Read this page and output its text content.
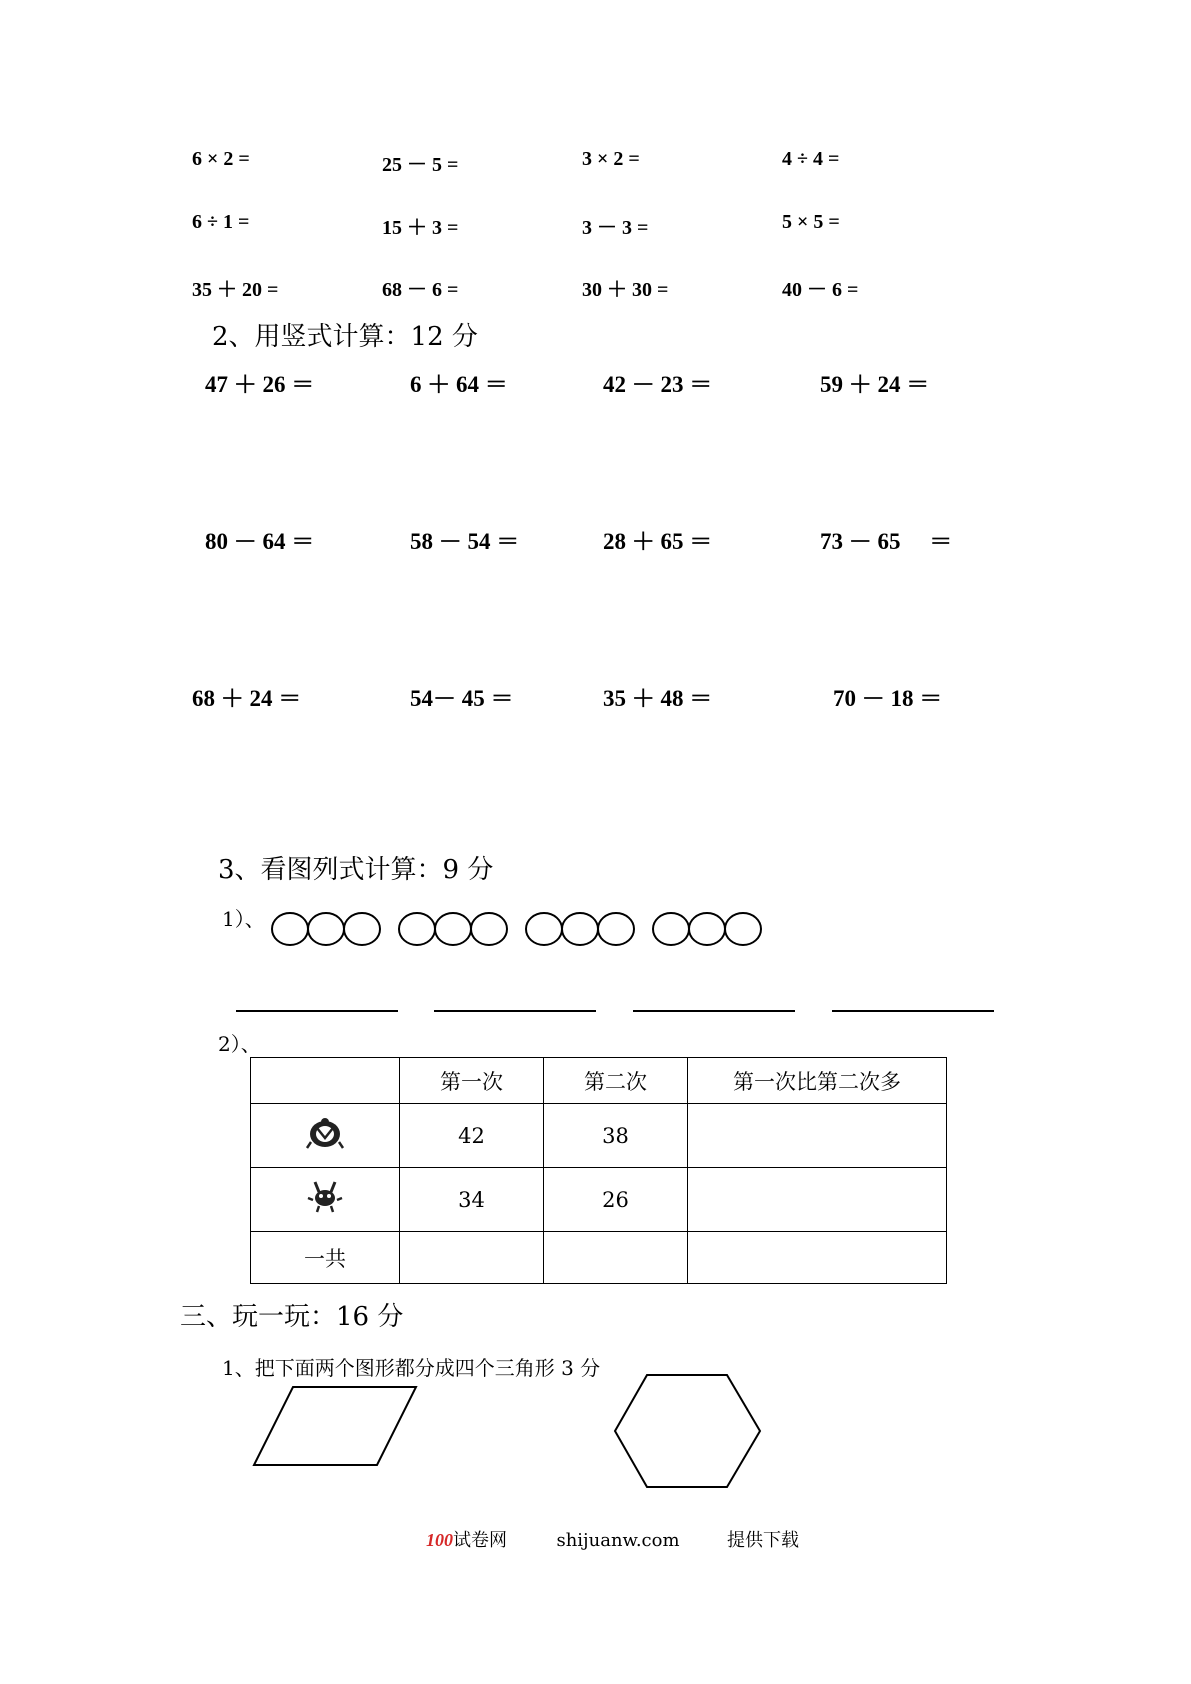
6 × 2 =	25 － 5 =	3 × 2 =	4 ÷ 4 =
6 ÷ 1 =	15 ＋ 3 =	3 － 3 =	5 × 5 =
35 ＋ 20 =	68 － 6 =	30 ＋ 30 =	40 － 6 =
2、用竖式计算：12 分
47 ＋ 26 ＝	6 ＋ 64 ＝	42 － 23 ＝	59 ＋ 24 ＝
80 － 64 ＝	58 － 54 ＝	28 ＋ 65 ＝	73 － 65 　＝
68 ＋ 24 ＝	54－ 45 ＝	35 ＋ 48 ＝	70 － 18 ＝
3、看图列式计算：9 分
1）、
2）、
	第一次	第二次	第一次比第二次多
	42	38	
	34	26	
一共			
三、玩一玩：16 分
1、把下面两个图形都分成四个三角形 3 分
100试卷网	shijuanw.com	提供下载
